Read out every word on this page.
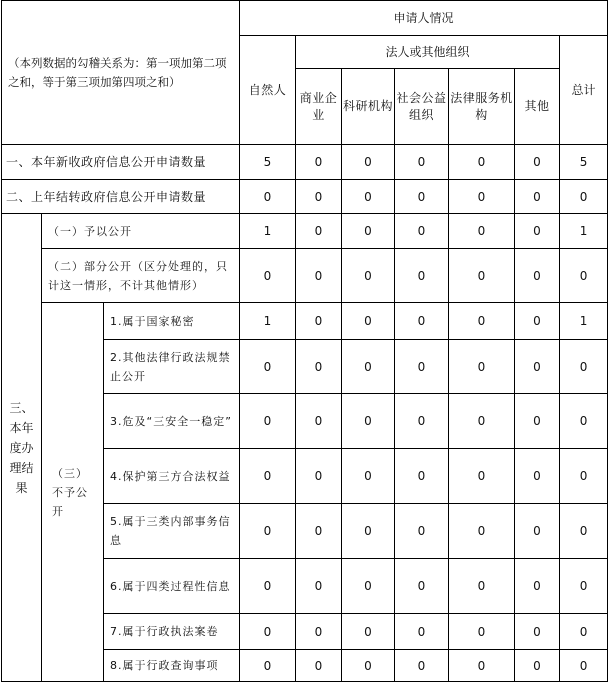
（本列数据的勾稽关系为：第一项加第二项之和，等于第三项加第四项之和）			申请人情况						
			自然人	法人或其他组织					总计
				商业企业	科研机构	社会公益组织	法律服务机构	其他	
一、本年新收政府信息公开申请数量			5	0	0	0	0	0	5
二、上年结转政府信息公开申请数量			0	0	0	0	0	0	0
三、本年度办理结果	（一）予以公开		1	0	0	0	0	0	1
	（二）部分公开（区分处理的，只计这一情形，不计其他情形）		0	0	0	0	0	0	0
	（三）不予公开	1.属于国家秘密	1	0	0	0	0	0	1
		2.其他法律行政法规禁止公开	0	0	0	0	0	0	0
		3.危及“三安全一稳定”	0	0	0	0	0	0	0
		4.保护第三方合法权益	0	0	0	0	0	0	0
		5.属于三类内部事务信息	0	0	0	0	0	0	0
		6.属于四类过程性信息	0	0	0	0	0	0	0
		7.属于行政执法案卷	0	0	0	0	0	0	0
		8.属于行政查询事项	0	0	0	0	0	0	0
